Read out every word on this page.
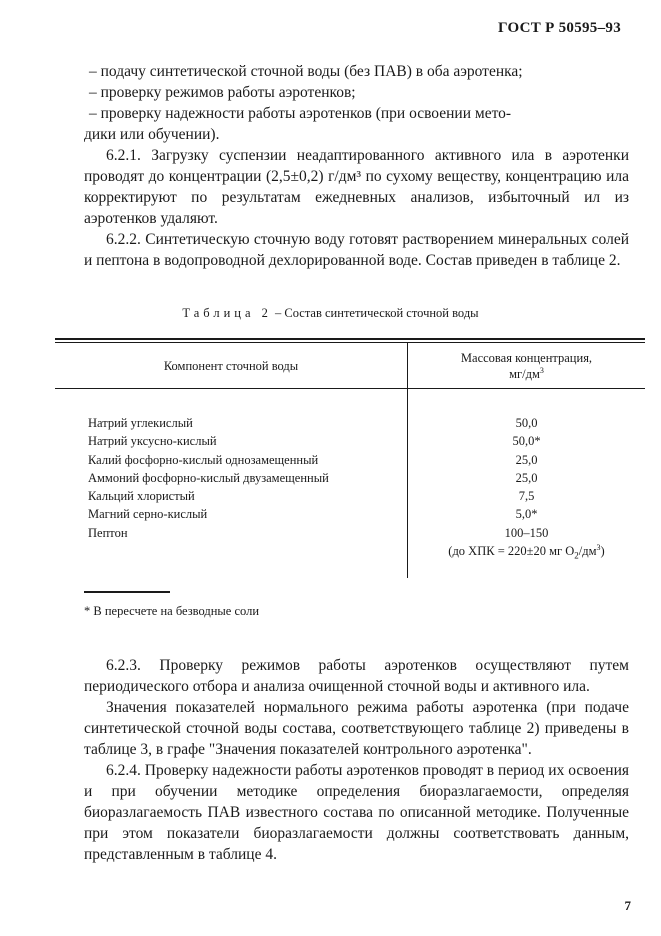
ГОСТ Р 50595–93

– подачу синтетической сточной воды (без ПАВ) в оба аэротенка;

– проверку режимов работы аэротенков;

– проверку надежности работы аэротенков (при освоении мето-

дики или обучении).

6.2.1. Загрузку суспензии неадаптированного активного ила в аэротенки проводят до концентрации (2,5±0,2) г/дм³ по сухому веществу, концентрацию ила корректируют по результатам ежедневных анализов, избыточный ил из аэротенков удаляют.

6.2.2. Синтетическую сточную воду готовят растворением минеральных солей и пептона в водопроводной дехлорированной воде. Состав приведен в таблице 2.

Таблица 2 – Состав синтетической сточной воды
Компонент сточной воды
Массовая концентрация,
$мг/дм^3$
Натрий углекислый	50,0
Натрий уксусно-кислый	50,0*
Калий фосфорно-кислый однозамещенный	25,0
Аммоний фосфорно-кислый двузамещенный	25,0
Кальций хлористый	7,5
Магний серно-кислый	5,0*
Пептон	100–150
(до ХПК = 220±20 мг $О_2/дм^3$)
* В пересчете на безводные соли

6.2.3. Проверку режимов работы аэротенков осуществляют путем периодического отбора и анализа очищенной сточной воды и активного ила.

Значения показателей нормального режима работы аэротенка (при подаче синтетической сточной воды состава, соответствующего таблице 2) приведены в таблице 3, в графе "Значения показателей контрольного аэротенка".

6.2.4. Проверку надежности работы аэротенков проводят в период их освоения и при обучении методике определения биоразлагаемости, определяя биоразлагаемость ПАВ известного состава по описанной методике. Полученные при этом показатели биоразлагаемости должны соответствовать данным, представленным в таблице 4.

7
